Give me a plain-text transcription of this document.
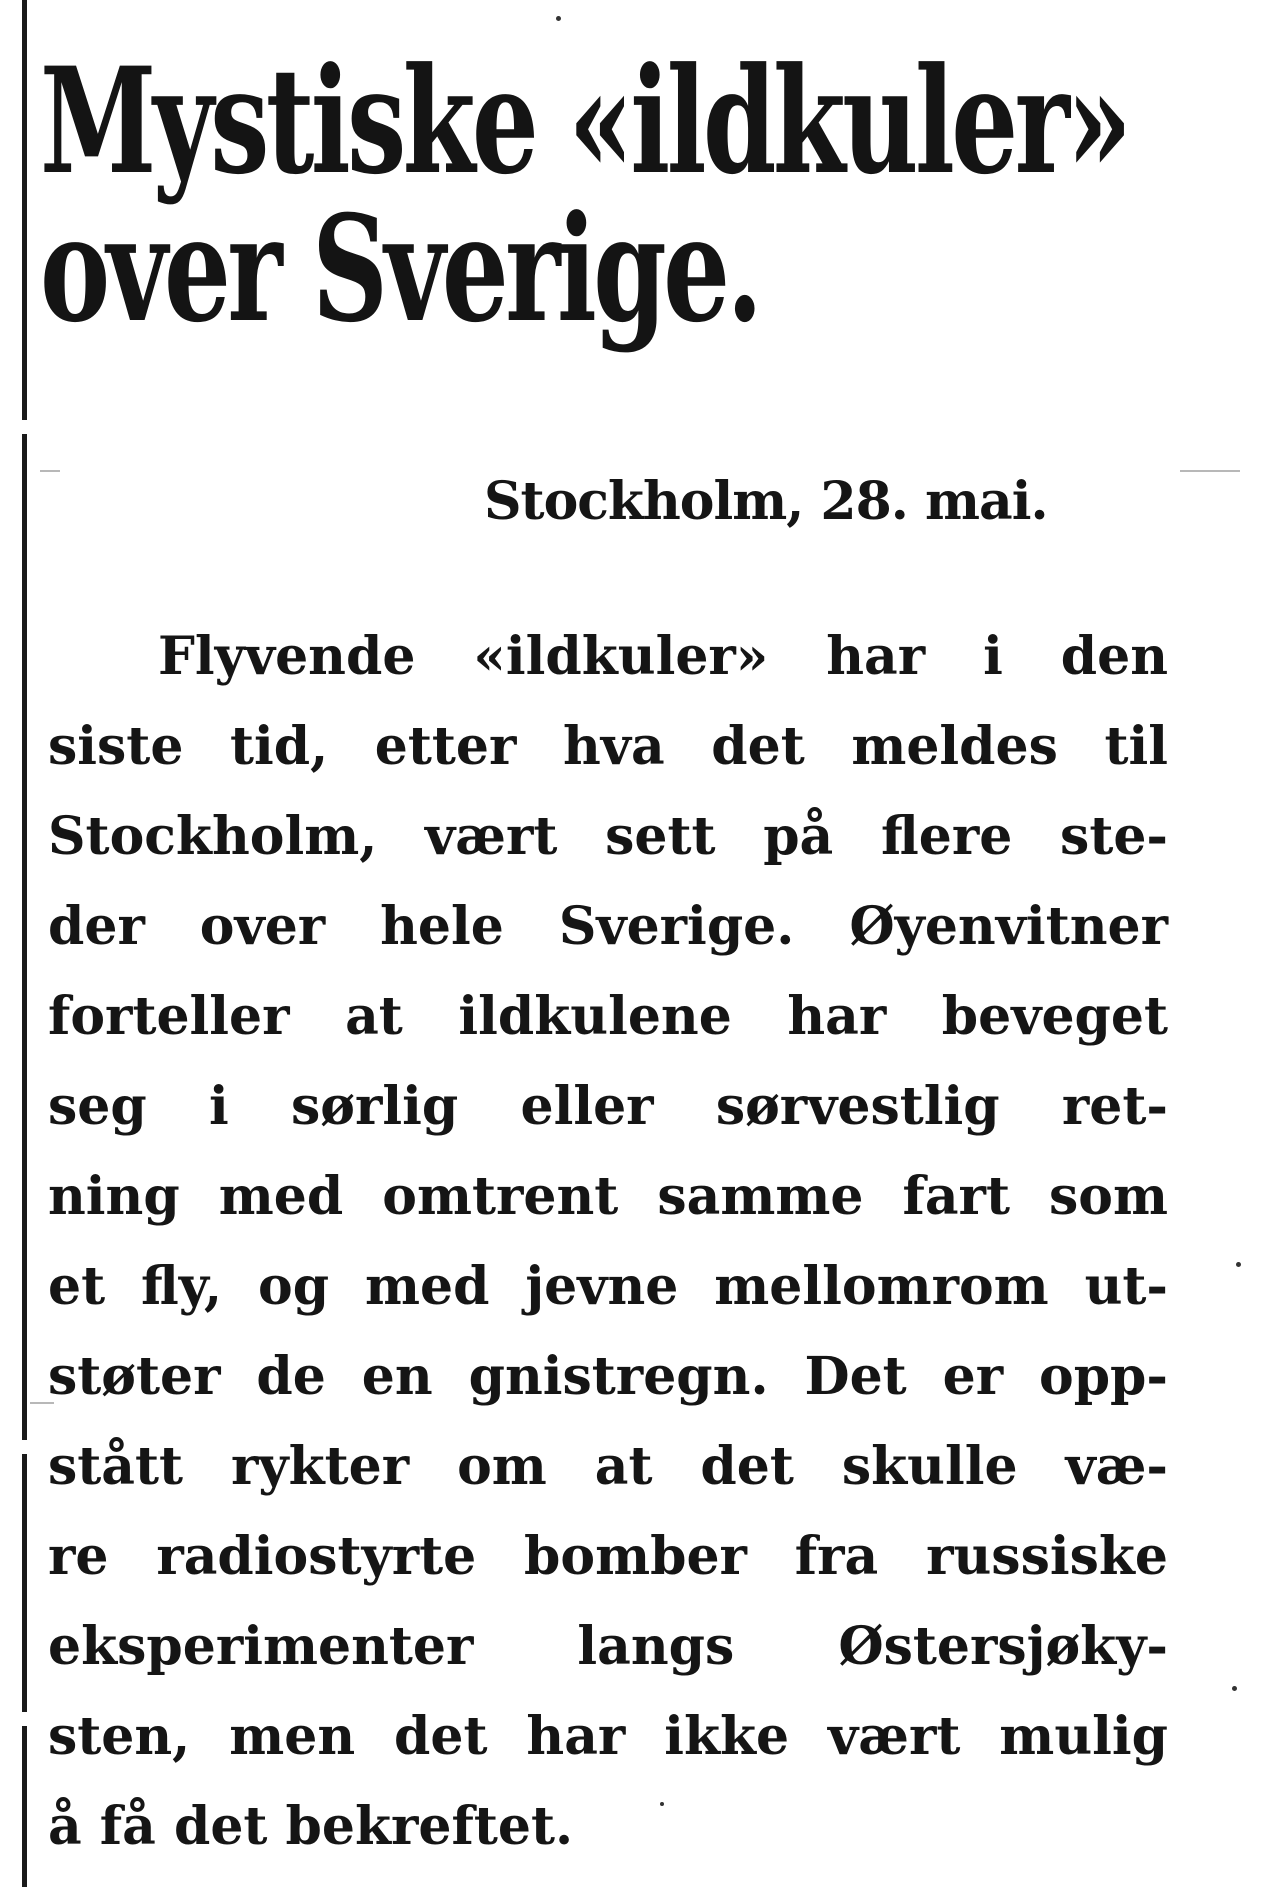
Mystiske «ildkuler»
over Sverige.

Stockholm, 28. mai.

Flyvende «ildkuler» har i den
siste tid, etter hva det meldes til
Stockholm, vært sett på flere ste-
der over hele Sverige. Øyenvitner
forteller at ildkulene har beveget
seg i sørlig eller sørvestlig ret-
ning med omtrent samme fart som
et fly, og med jevne mellomrom ut-
støter de en gnistregn. Det er opp-
stått rykter om at det skulle væ-
re radiostyrte bomber fra russiske
eksperimenter langs Østersjøky-
sten, men det har ikke vært mulig
å få det bekreftet.
